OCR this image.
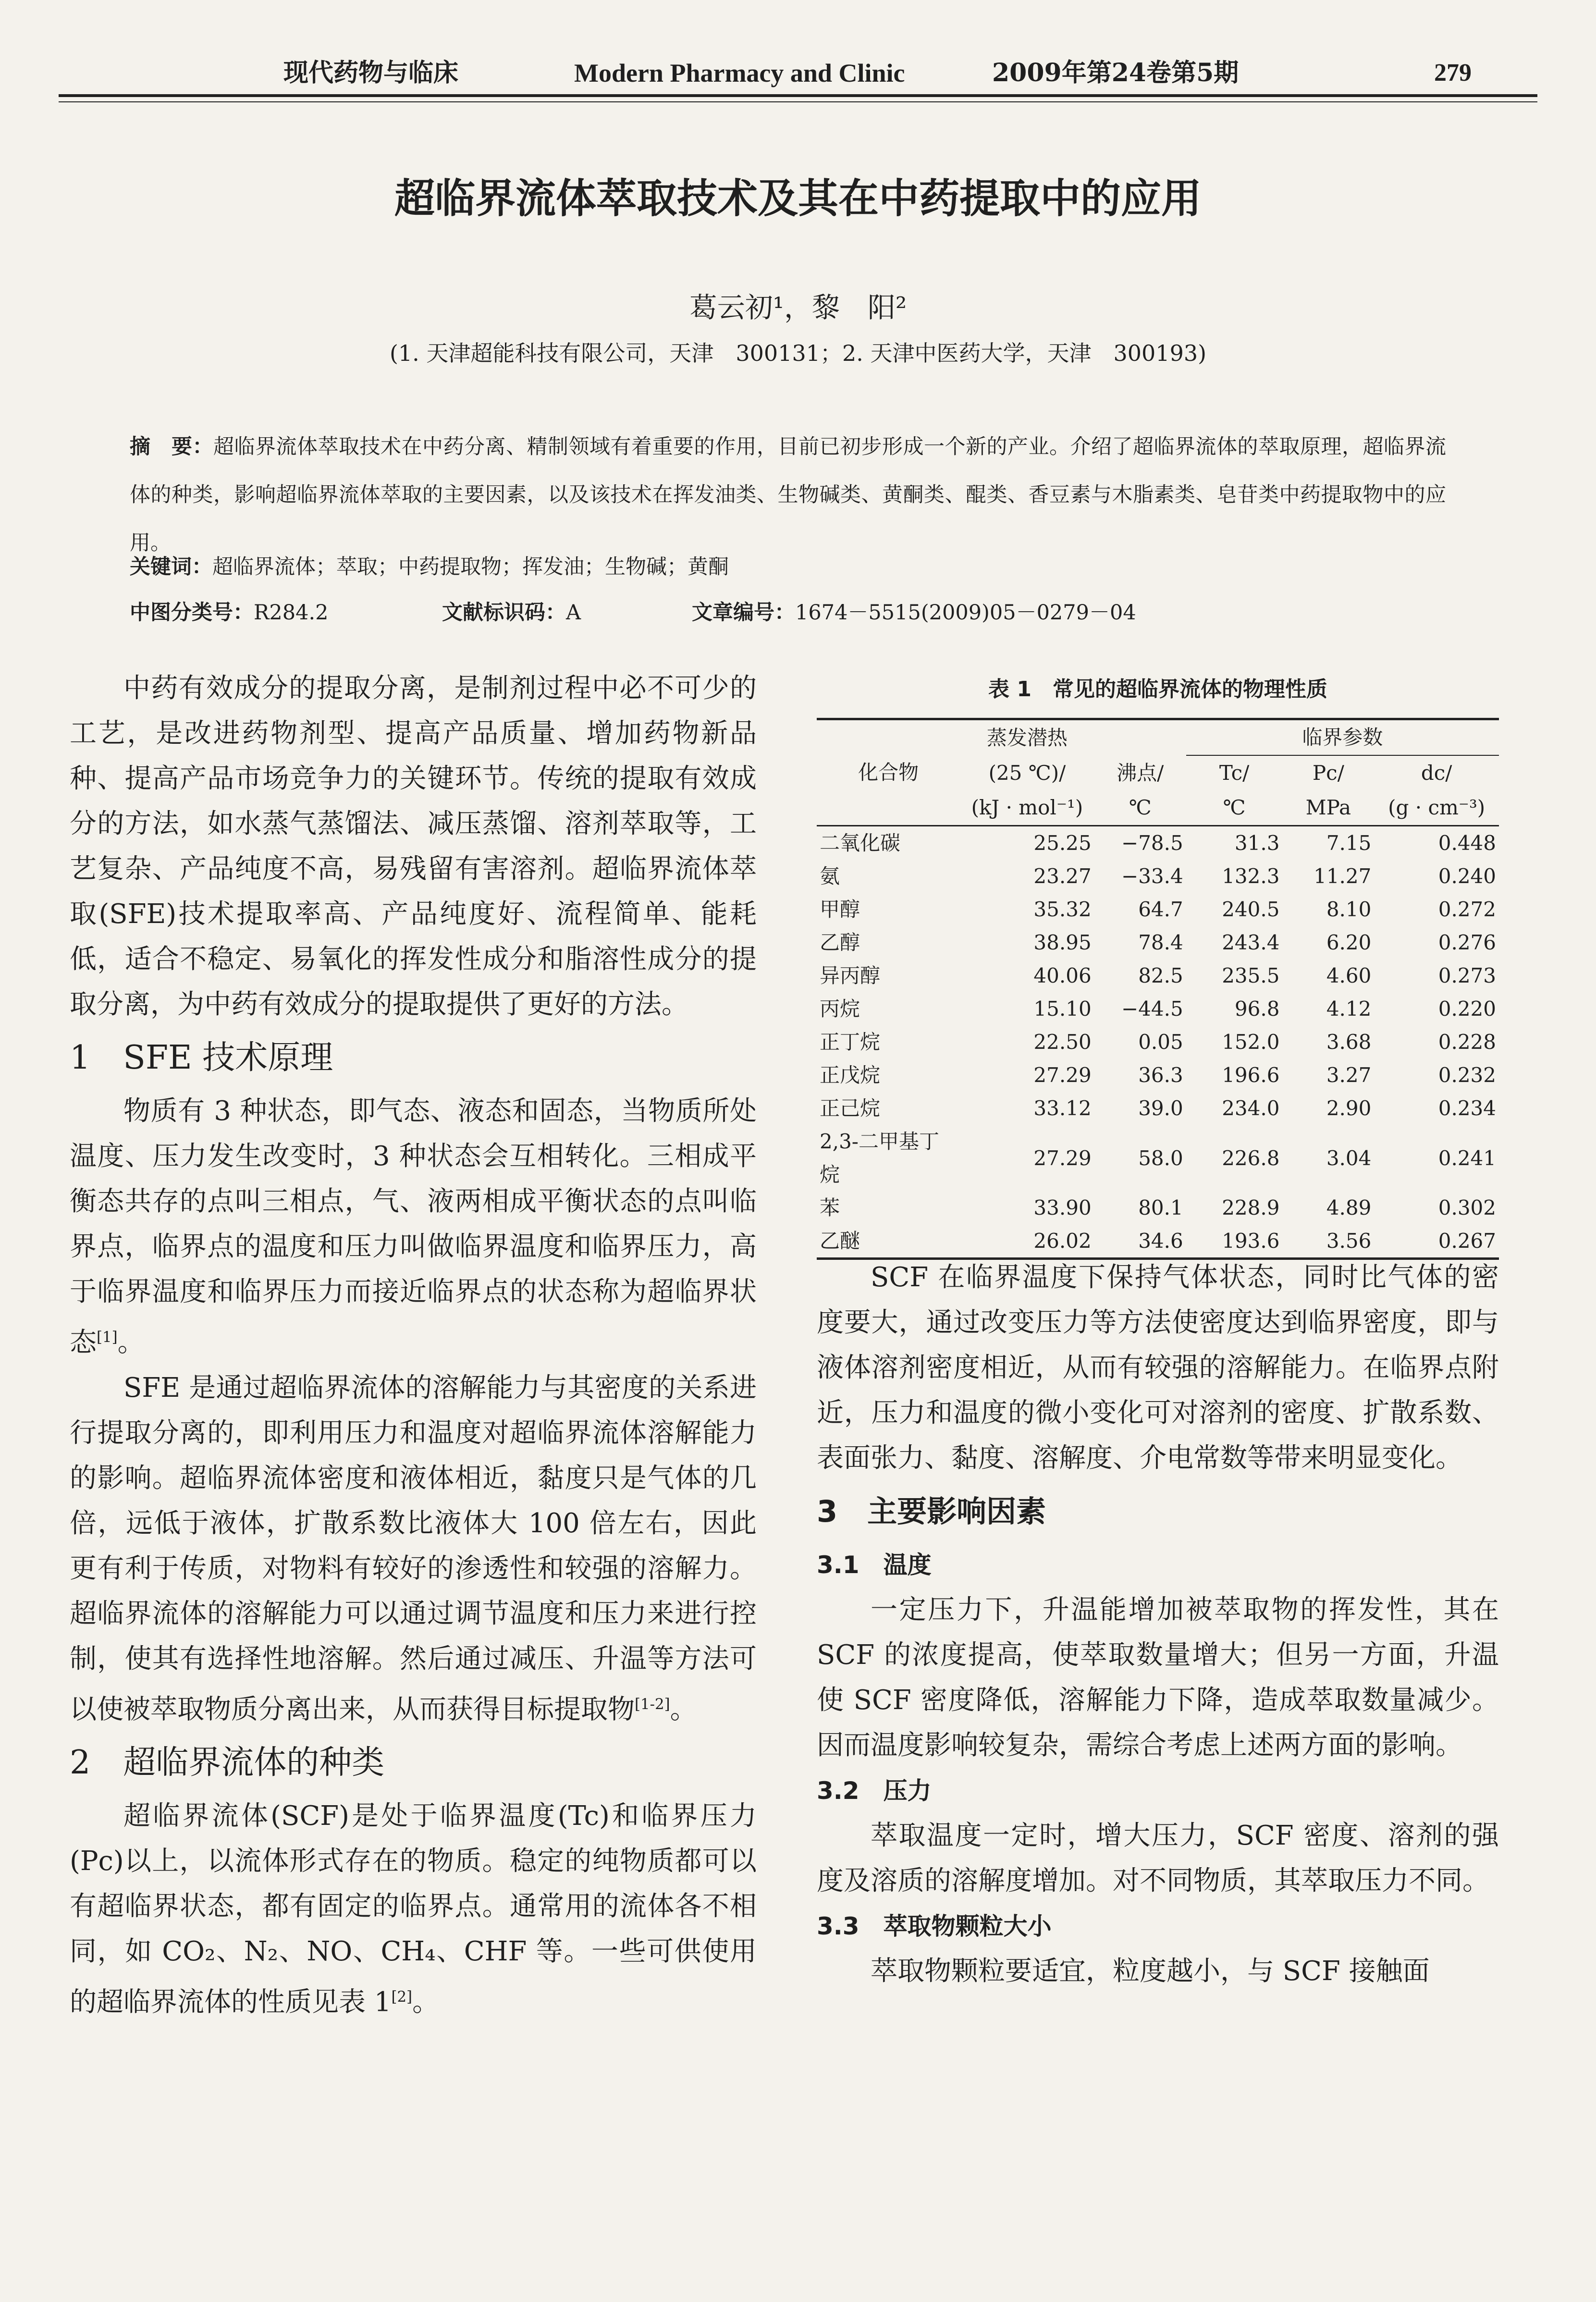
现代药物与临床	Modern Pharmacy and Clinic	2009年第24卷第5期	279
超临界流体萃取技术及其在中药提取中的应用
葛云初¹，黎　阳²
(1. 天津超能科技有限公司，天津　300131；2. 天津中医药大学，天津　300193)
摘　要：超临界流体萃取技术在中药分离、精制领域有着重要的作用，目前已初步形成一个新的产业。介绍了超临界流体的萃取原理，超临界流体的种类，影响超临界流体萃取的主要因素，以及该技术在挥发油类、生物碱类、黄酮类、醌类、香豆素与木脂素类、皂苷类中药提取物中的应用。
关键词：超临界流体；萃取；中药提取物；挥发油；生物碱；黄酮
中图分类号：R284.2	文献标识码：A	文章编号：1674－5515(2009)05－0279－04

中药有效成分的提取分离，是制剂过程中必不可少的工艺，是改进药物剂型、提高产品质量、增加药物新品种、提高产品市场竞争力的关键环节。传统的提取有效成分的方法，如水蒸气蒸馏法、减压蒸馏、溶剂萃取等，工艺复杂、产品纯度不高，易残留有害溶剂。超临界流体萃取(SFE)技术提取率高、产品纯度好、流程简单、能耗低，适合不稳定、易氧化的挥发性成分和脂溶性成分的提取分离，为中药有效成分的提取提供了更好的方法。

1　SFE 技术原理

物质有 3 种状态，即气态、液态和固态，当物质所处温度、压力发生改变时，3 种状态会互相转化。三相成平衡态共存的点叫三相点，气、液两相成平衡状态的点叫临界点，临界点的温度和压力叫做临界温度和临界压力，高于临界温度和临界压力而接近临界点的状态称为超临界状态[1]。

SFE 是通过超临界流体的溶解能力与其密度的关系进行提取分离的，即利用压力和温度对超临界流体溶解能力的影响。超临界流体密度和液体相近，黏度只是气体的几倍，远低于液体，扩散系数比液体大 100 倍左右，因此更有利于传质，对物料有较好的渗透性和较强的溶解力。超临界流体的溶解能力可以通过调节温度和压力来进行控制，使其有选择性地溶解。然后通过减压、升温等方法可以使被萃取物质分离出来，从而获得目标提取物[1-2]。

2　超临界流体的种类

超临界流体(SCF)是处于临界温度(Tc)和临界压力(Pc)以上，以流体形式存在的物质。稳定的纯物质都可以有超临界状态，都有固定的临界点。通常用的流体各不相同，如 CO₂、N₂、NO、CH₄、CHF 等。一些可供使用的超临界流体的性质见表 1[2]。

表 1　常见的超临界流体的物理性质
化合物	蒸发潜热		临界参数		
	(25 ℃)/	沸点/	Tc/	Pc/	dc/
	(kJ · mol⁻¹)	℃	℃	MPa	(g · cm⁻³)
二氧化碳	25.25	−78.5	31.3	7.15	0.448
氨	23.27	−33.4	132.3	11.27	0.240
甲醇	35.32	64.7	240.5	8.10	0.272
乙醇	38.95	78.4	243.4	6.20	0.276
异丙醇	40.06	82.5	235.5	4.60	0.273
丙烷	15.10	−44.5	96.8	4.12	0.220
正丁烷	22.50	0.05	152.0	3.68	0.228
正戊烷	27.29	36.3	196.6	3.27	0.232
正己烷	33.12	39.0	234.0	2.90	0.234
2,3-二甲基丁烷	27.29	58.0	226.8	3.04	0.241
苯	33.90	80.1	228.9	4.89	0.302
乙醚	26.02	34.6	193.6	3.56	0.267

SCF 在临界温度下保持气体状态，同时比气体的密度要大，通过改变压力等方法使密度达到临界密度，即与液体溶剂密度相近，从而有较强的溶解能力。在临界点附近，压力和温度的微小变化可对溶剂的密度、扩散系数、表面张力、黏度、溶解度、介电常数等带来明显变化。

3　主要影响因素
3.1　温度

一定压力下，升温能增加被萃取物的挥发性，其在 SCF 的浓度提高，使萃取数量增大；但另一方面，升温使 SCF 密度降低，溶解能力下降，造成萃取数量减少。因而温度影响较复杂，需综合考虑上述两方面的影响。

3.2　压力

萃取温度一定时，增大压力，SCF 密度、溶剂的强度及溶质的溶解度增加。对不同物质，其萃取压力不同。

3.3　萃取物颗粒大小

萃取物颗粒要适宜，粒度越小，与 SCF 接触面
